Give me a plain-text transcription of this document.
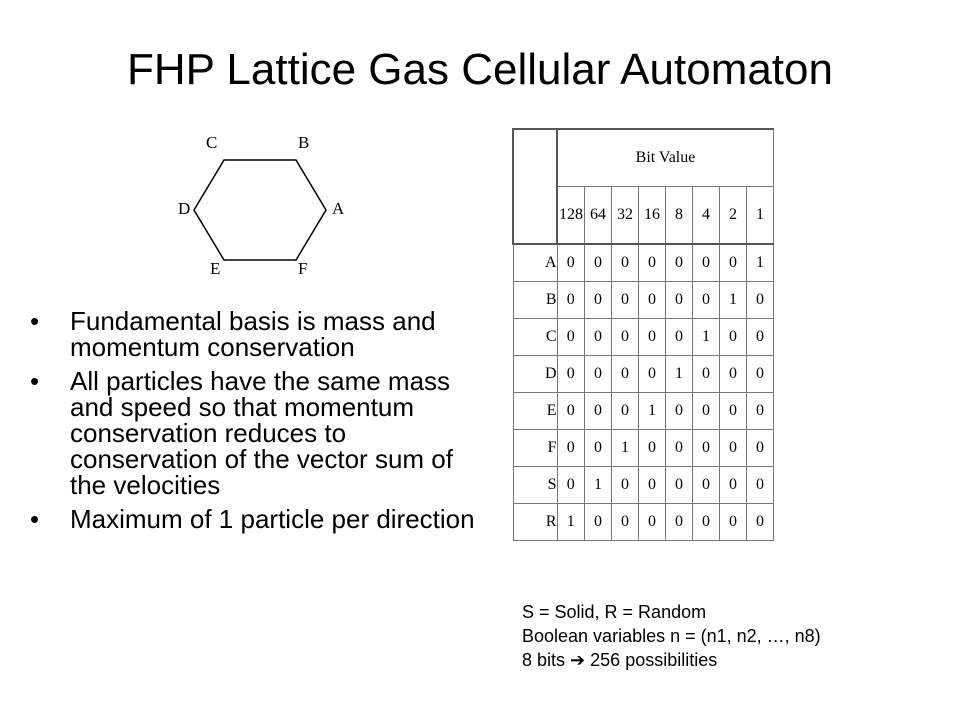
FHP Lattice Gas Cellular Automaton
C	B
D	A
E	F
• Fundamental basis is mass and momentum conservation
• All particles have the same mass and speed so that momentum conservation reduces to conservation of the vector sum of the velocities
• Maximum of 1 particle per direction
	Bit Value							
	128	64	32	16	8	4	2	1
A	0	0	0	0	0	0	0	1
B	0	0	0	0	0	0	1	0
C	0	0	0	0	0	1	0	0
D	0	0	0	0	1	0	0	0
E	0	0	0	1	0	0	0	0
F	0	0	1	0	0	0	0	0
S	0	1	0	0	0	0	0	0
R	1	0	0	0	0	0	0	0
S = Solid, R = Random
Boolean variables n = (n1, n2, …, n8)
8 bits ➔ 256 possibilities
